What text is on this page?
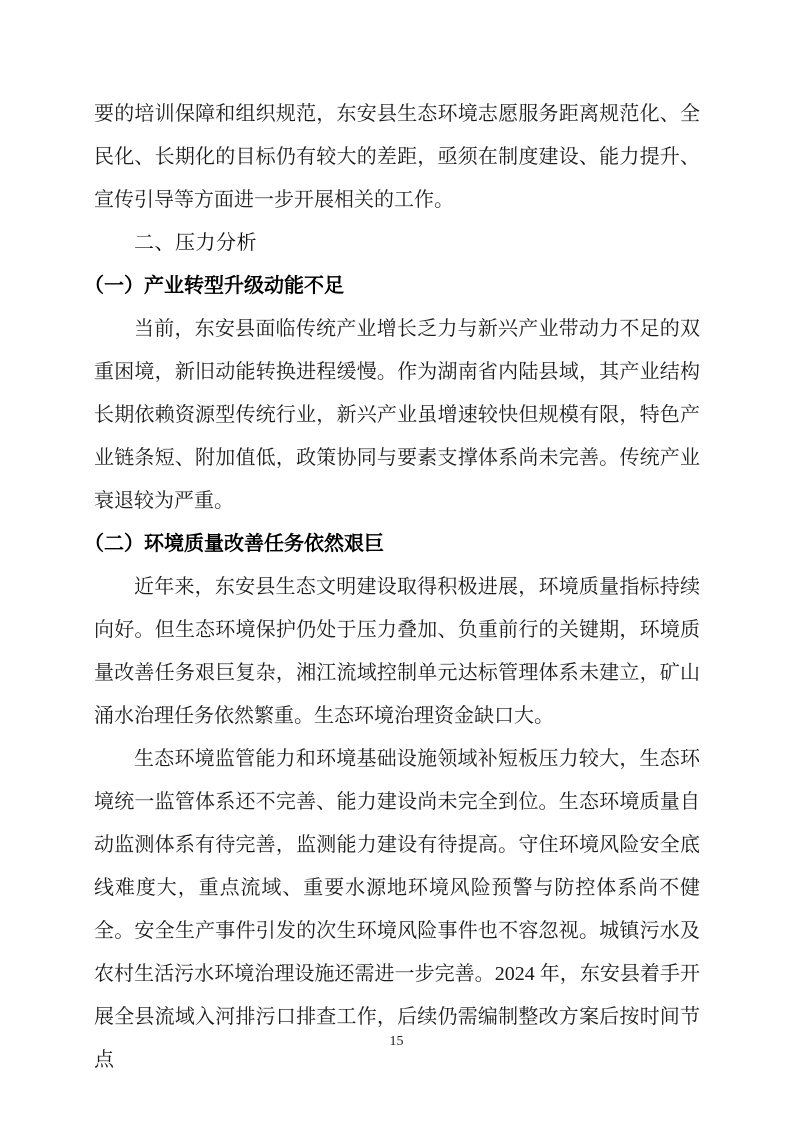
要的培训保障和组织规范，东安县生态环境志愿服务距离规范化、全民化、长期化的目标仍有较大的差距，亟须在制度建设、能力提升、宣传引导等方面进一步开展相关的工作。

二、压力分析
（一）产业转型升级动能不足

当前，东安县面临传统产业增长乏力与新兴产业带动力不足的双重困境，新旧动能转换进程缓慢。作为湖南省内陆县域，其产业结构长期依赖资源型传统行业，新兴产业虽增速较快但规模有限，特色产业链条短、附加值低，政策协同与要素支撑体系尚未完善。传统产业衰退较为严重。

（二）环境质量改善任务依然艰巨

近年来，东安县生态文明建设取得积极进展，环境质量指标持续向好。但生态环境保护仍处于压力叠加、负重前行的关键期，环境质量改善任务艰巨复杂，湘江流域控制单元达标管理体系未建立，矿山涌水治理任务依然繁重。生态环境治理资金缺口大。

生态环境监管能力和环境基础设施领域补短板压力较大，生态环境统一监管体系还不完善、能力建设尚未完全到位。生态环境质量自动监测体系有待完善，监测能力建设有待提高。守住环境风险安全底线难度大，重点流域、重要水源地环境风险预警与防控体系尚不健全。安全生产事件引发的次生环境风险事件也不容忽视。城镇污水及农村生活污水环境治理设施还需进一步完善。2024 年，东安县着手开展全县流域入河排污口排查工作，后续仍需编制整改方案后按时间节点

15
